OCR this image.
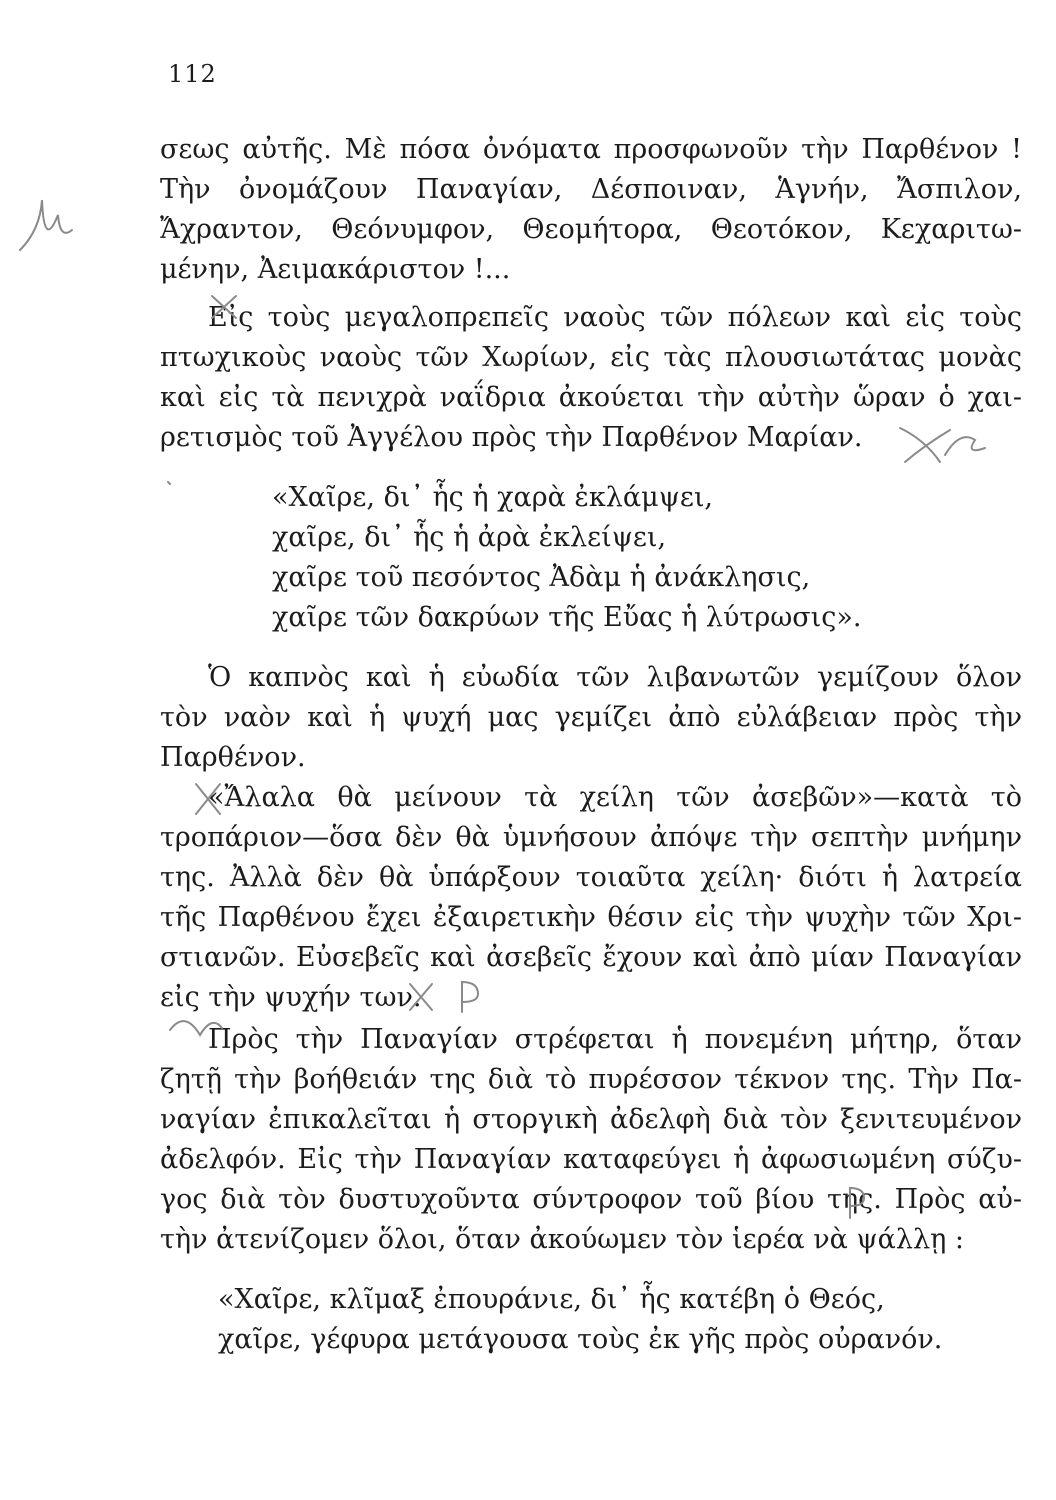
112
σεως αὐτῆς. Μὲ πόσα ὀνόματα προσφωνοῦν τὴν Παρθένον !
Τὴν ὀνομάζουν Παναγίαν, Δέσποιναν, Ἁγνήν, Ἄσπιλον,
Ἄχραντον, Θεόνυμφον, Θεομήτορα, Θεοτόκον, Κεχαριτω-
μένην, Ἀειμακάριστον !...
Εἰς τοὺς μεγαλοπρεπεῖς ναοὺς τῶν πόλεων καὶ εἰς τοὺς
πτωχικοὺς ναοὺς τῶν Χωρίων, εἰς τὰς πλουσιωτάτας μονὰς
καὶ εἰς τὰ πενιχρὰ ναΐδρια ἀκούεται τὴν αὐτὴν ὥραν ὁ χαι-
ρετισμὸς τοῦ Ἀγγέλου πρὸς τὴν Παρθένον Μαρίαν.
«Χαῖρε, δι᾽ ἧς ἡ χαρὰ ἐκλάμψει,
χαῖρε, δι᾽ ἧς ἡ ἀρὰ ἐκλείψει,
χαῖρε τοῦ πεσόντος Ἀδὰμ ἡ ἀνάκλησις,
χαῖρε τῶν δακρύων τῆς Εὔας ἡ λύτρωσις».
Ὁ καπνὸς καὶ ἡ εὐωδία τῶν λιβανωτῶν γεμίζουν ὅλον
τὸν ναὸν καὶ ἡ ψυχή μας γεμίζει ἀπὸ εὐλάβειαν πρὸς τὴν
Παρθένον.
«Ἄλαλα θὰ μείνουν τὰ χείλη τῶν ἀσεβῶν»—κατὰ τὸ
τροπάριον—ὅσα δὲν θὰ ὑμνήσουν ἀπόψε τὴν σεπτὴν μνήμην
της. Ἀλλὰ δὲν θὰ ὑπάρξουν τοιαῦτα χείλη· διότι ἡ λατρεία
τῆς Παρθένου ἔχει ἐξαιρετικὴν θέσιν εἰς τὴν ψυχὴν τῶν Χρι-
στιανῶν. Εὐσεβεῖς καὶ ἀσεβεῖς ἔχουν καὶ ἀπὸ μίαν Παναγίαν
εἰς τὴν ψυχήν των.
Πρὸς τὴν Παναγίαν στρέφεται ἡ πονεμένη μήτηρ, ὅταν
ζητῇ τὴν βοήθειάν της διὰ τὸ πυρέσσον τέκνον της. Τὴν Πα-
ναγίαν ἐπικαλεῖται ἡ στοργικὴ ἀδελφὴ διὰ τὸν ξενιτευμένον
ἀδελφόν. Εἰς τὴν Παναγίαν καταφεύγει ἡ ἀφωσιωμένη σύζυ-
γος διὰ τὸν δυστυχοῦντα σύντροφον τοῦ βίου της. Πρὸς αὐ-
τὴν ἀτενίζομεν ὅλοι, ὅταν ἀκούωμεν τὸν ἱερέα νὰ ψάλλῃ :
«Χαῖρε, κλῖμαξ ἐπουράνιε, δι᾽ ἧς κατέβη ὁ Θεός,
χαῖρε, γέφυρα μετάγουσα τοὺς ἐκ γῆς πρὸς οὐρανόν.
